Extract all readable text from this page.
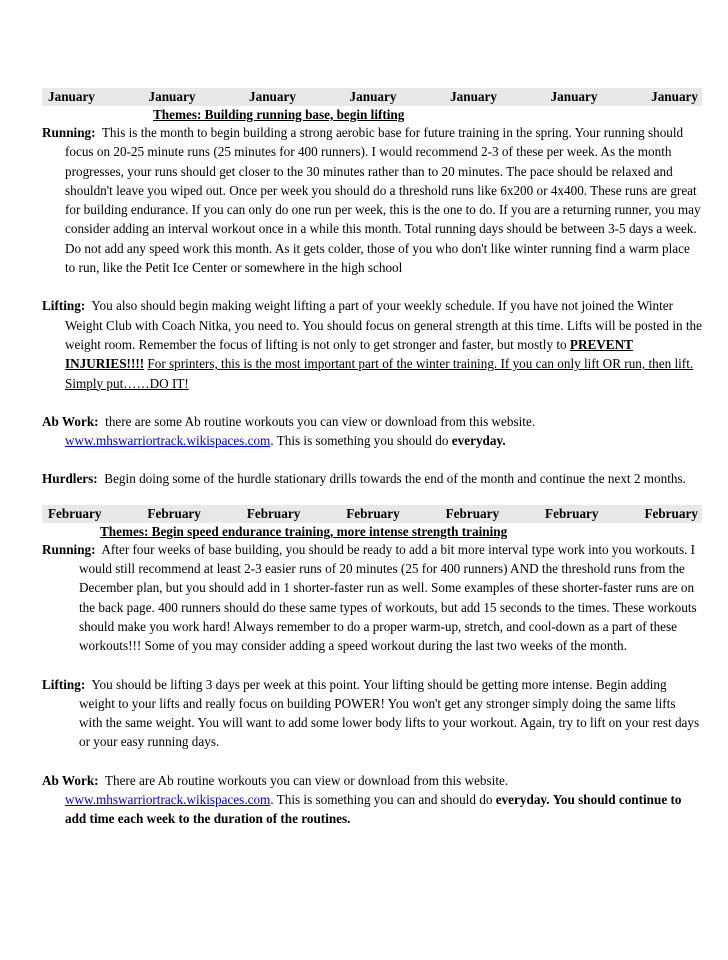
January	January	January	January	January	January	January
Themes: Building running base, begin lifting

Running: This is the month to begin building a strong aerobic base for future training in the spring. Your running should focus on 20-25 minute runs (25 minutes for 400 runners). I would recommend 2-3 of these per week. As the month progresses, your runs should get closer to the 30 minutes rather than to 20 minutes. The pace should be relaxed and shouldn't leave you wiped out. Once per week you should do a threshold runs like 6x200 or 4x400. These runs are great for building endurance. If you can only do one run per week, this is the one to do. If you are a returning runner, you may consider adding an interval workout once in a while this month. Total running days should be between 3-5 days a week. Do not add any speed work this month. As it gets colder, those of you who don't like winter running find a warm place to run, like the Petit Ice Center or somewhere in the high school

Lifting: You also should begin making weight lifting a part of your weekly schedule. If you have not joined the Winter Weight Club with Coach Nitka, you need to. You should focus on general strength at this time. Lifts will be posted in the weight room. Remember the focus of lifting is not only to get stronger and faster, but mostly to PREVENT INJURIES!!!! For sprinters, this is the most important part of the winter training. If you can only lift OR run, then lift. Simply put……DO IT!

Ab Work: there are some Ab routine workouts you can view or download from this website. www.mhswarriortrack.wikispaces.com. This is something you should do everyday.

Hurdlers: Begin doing some of the hurdle stationary drills towards the end of the month and continue the next 2 months.

February	February	February	February	February	February	February
Themes: Begin speed endurance training, more intense strength training

Running: After four weeks of base building, you should be ready to add a bit more interval type work into you workouts. I would still recommend at least 2-3 easier runs of 20 minutes (25 for 400 runners) AND the threshold runs from the December plan, but you should add in 1 shorter-faster run as well. Some examples of these shorter-faster runs are on the back page. 400 runners should do these same types of workouts, but add 15 seconds to the times. These workouts should make you work hard! Always remember to do a proper warm-up, stretch, and cool-down as a part of these workouts!!! Some of you may consider adding a speed workout during the last two weeks of the month.

Lifting: You should be lifting 3 days per week at this point. Your lifting should be getting more intense. Begin adding weight to your lifts and really focus on building POWER! You won't get any stronger simply doing the same lifts with the same weight. You will want to add some lower body lifts to your workout. Again, try to lift on your rest days or your easy running days.

Ab Work: There are Ab routine workouts you can view or download from this website. www.mhswarriortrack.wikispaces.com. This is something you can and should do everyday. You should continue to add time each week to the duration of the routines.
